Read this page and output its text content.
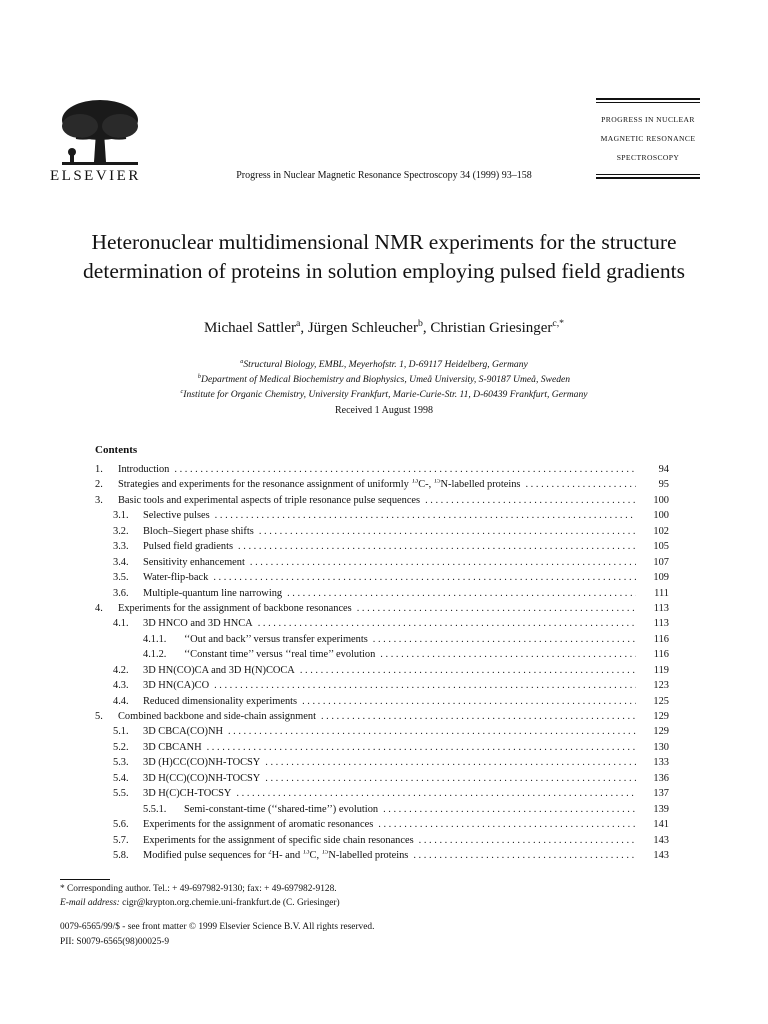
ELSEVIER	Progress in Nuclear Magnetic Resonance Spectroscopy 34 (1999) 93–158
PROGRESS IN NUCLEAR
MAGNETIC RESONANCE
SPECTROSCOPY
Heteronuclear multidimensional NMR experiments for the structure determination of proteins in solution employing pulsed field gradients
Michael Sattler$^a$, Jürgen Schleucher$^b$, Christian Griesinger$^{c,*}$
$^a$Structural Biology, EMBL, Meyerhofstr. 1, D-69117 Heidelberg, Germany
$^b$Department of Medical Biochemistry and Biophysics, Umeå University, S-90187 Umeå, Sweden
$^c$Institute for Organic Chemistry, University Frankfurt, Marie-Curie-Str. 11, D-60439 Frankfurt, Germany
Received 1 August 1998
Contents
1.	Introduction . . .	94
2.	Strategies and experiments for the resonance assignment of uniformly $^{13}$C-, $^{15}$N-labelled proteins . . .	95
3.	Basic tools and experimental aspects of triple resonance pulse sequences . . .	100
3.1.	Selective pulses . . .	100
3.2.	Bloch–Siegert phase shifts . . .	102
3.3.	Pulsed field gradients . . .	105
3.4.	Sensitivity enhancement . . .	107
3.5.	Water-flip-back . . .	109
3.6.	Multiple-quantum line narrowing . . .	111
4.	Experiments for the assignment of backbone resonances . . .	113
4.1.	3D HNCO and 3D HNCA . . .	113
4.1.1.	‘‘Out and back’’ versus transfer experiments . . .	116
4.1.2.	‘‘Constant time’’ versus ‘‘real time’’ evolution . . .	116
4.2.	3D HN(CO)CA and 3D H(N)COCA . . .	119
4.3.	3D HN(CA)CO . . .	123
4.4.	Reduced dimensionality experiments . . .	125
5.	Combined backbone and side-chain assignment . . .	129
5.1.	3D CBCA(CO)NH . . .	129
5.2.	3D CBCANH . . .	130
5.3.	3D (H)CC(CO)NH-TOCSY . . .	133
5.4.	3D H(CC)(CO)NH-TOCSY . . .	136
5.5.	3D H(C)CH-TOCSY . . .	137
5.5.1.	Semi-constant-time (‘‘shared-time’’) evolution . . .	139
5.6.	Experiments for the assignment of aromatic resonances . . .	141
5.7.	Experiments for the assignment of specific side chain resonances . . .	143
5.8.	Modified pulse sequences for $^2$H- and $^{13}$C, $^{15}$N-labelled proteins . . .	143
* Corresponding author. Tel.: + 49-697982-9130; fax: + 49-697982-9128.
E-mail address: cigr@krypton.org.chemie.uni-frankfurt.de (C. Griesinger)
0079-6565/99/$ - see front matter © 1999 Elsevier Science B.V. All rights reserved.
PII: S0079-6565(98)00025-9
